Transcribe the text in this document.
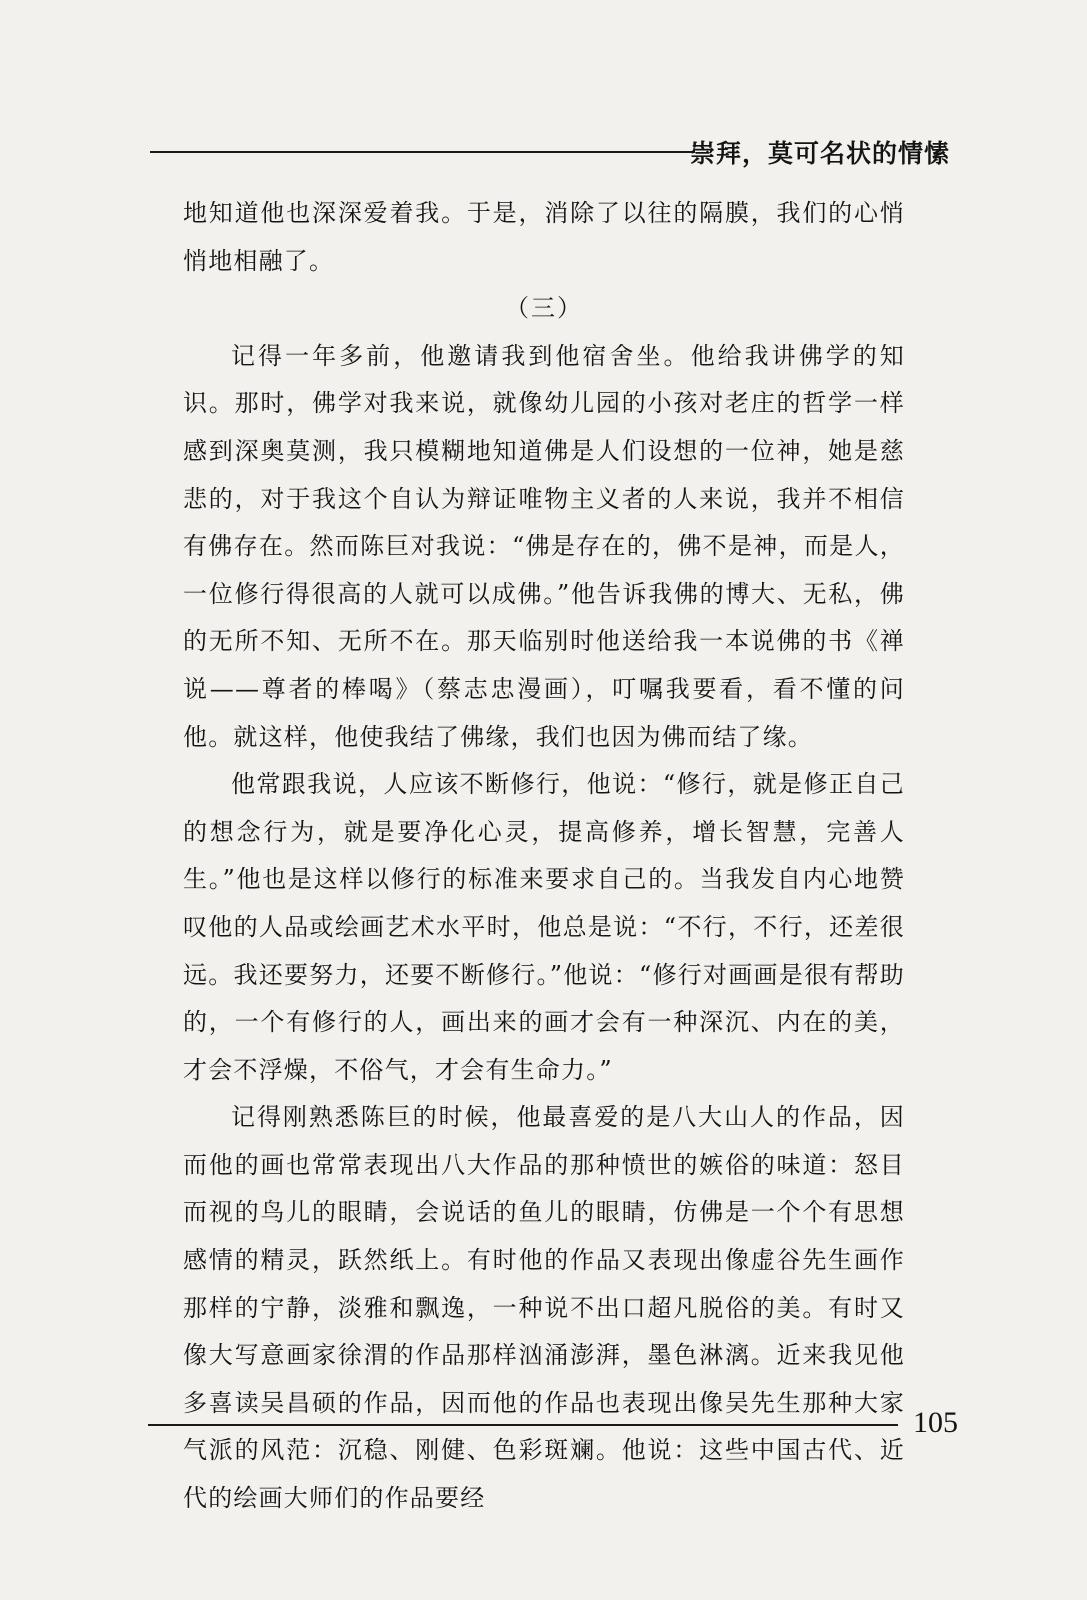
崇拜，莫可名状的情愫

地知道他也深深爱着我。于是，消除了以往的隔膜，我们的心悄悄地相融了。

（三）

记得一年多前，他邀请我到他宿舍坐。他给我讲佛学的知识。那时，佛学对我来说，就像幼儿园的小孩对老庄的哲学一样感到深奥莫测，我只模糊地知道佛是人们设想的一位神，她是慈悲的，对于我这个自认为辩证唯物主义者的人来说，我并不相信有佛存在。然而陈巨对我说：“佛是存在的，佛不是神，而是人，一位修行得很高的人就可以成佛。”他告诉我佛的博大、无私，佛的无所不知、无所不在。那天临别时他送给我一本说佛的书《禅说——尊者的棒喝》（蔡志忠漫画），叮嘱我要看，看不懂的问他。就这样，他使我结了佛缘，我们也因为佛而结了缘。

他常跟我说，人应该不断修行，他说：“修行，就是修正自己的想念行为，就是要净化心灵，提高修养，增长智慧，完善人生。”他也是这样以修行的标准来要求自己的。当我发自内心地赞叹他的人品或绘画艺术水平时，他总是说：“不行，不行，还差很远。我还要努力，还要不断修行。”他说：“修行对画画是很有帮助的，一个有修行的人，画出来的画才会有一种深沉、内在的美，才会不浮燥，不俗气，才会有生命力。”

记得刚熟悉陈巨的时候，他最喜爱的是八大山人的作品，因而他的画也常常表现出八大作品的那种愤世的嫉俗的味道：怒目而视的鸟儿的眼睛，会说话的鱼儿的眼睛，仿佛是一个个有思想感情的精灵，跃然纸上。有时他的作品又表现出像虚谷先生画作那样的宁静，淡雅和飘逸，一种说不出口超凡脱俗的美。有时又像大写意画家徐渭的作品那样汹涌澎湃，墨色淋漓。近来我见他多喜读吴昌硕的作品，因而他的作品也表现出像吴先生那种大家气派的风范：沉稳、刚健、色彩斑斓。他说：这些中国古代、近代的绘画大师们的作品要经

105
